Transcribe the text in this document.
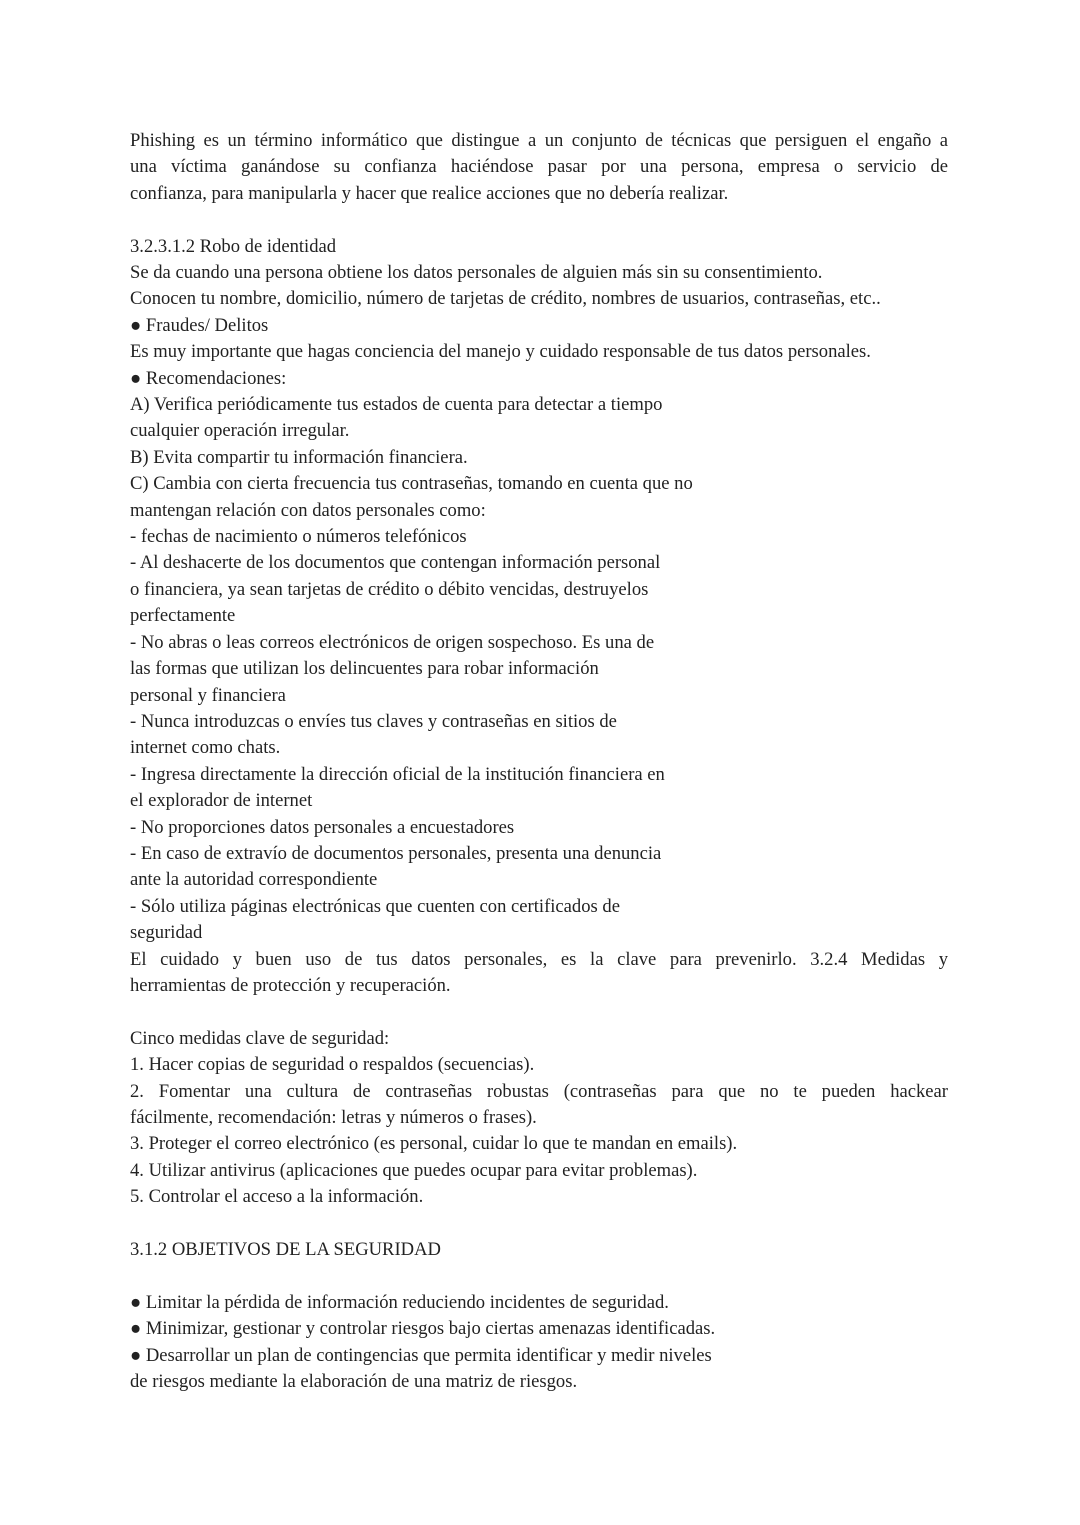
Phishing es un término informático que distingue a un conjunto de técnicas que persiguen el engaño a
una víctima ganándose su confianza haciéndose pasar por una persona, empresa o servicio de
confianza, para manipularla y hacer que realice acciones que no debería realizar.
3.2.3.1.2 Robo de identidad
Se da cuando una persona obtiene los datos personales de alguien más sin su consentimiento.
Conocen tu nombre, domicilio, número de tarjetas de crédito, nombres de usuarios, contraseñas, etc..
● Fraudes/ Delitos
Es muy importante que hagas conciencia del manejo y cuidado responsable de tus datos personales.
● Recomendaciones:
A) Verifica periódicamente tus estados de cuenta para detectar a tiempo
cualquier operación irregular.
B) Evita compartir tu información financiera.
C) Cambia con cierta frecuencia tus contraseñas, tomando en cuenta que no
mantengan relación con datos personales como:
- fechas de nacimiento o números telefónicos
- Al deshacerte de los documentos que contengan información personal
o financiera, ya sean tarjetas de crédito o débito vencidas, destruyelos
perfectamente
- No abras o leas correos electrónicos de origen sospechoso. Es una de
las formas que utilizan los delincuentes para robar información
personal y financiera
- Nunca introduzcas o envíes tus claves y contraseñas en sitios de
internet como chats.
- Ingresa directamente la dirección oficial de la institución financiera en
el explorador de internet
- No proporciones datos personales a encuestadores
- En caso de extravío de documentos personales, presenta una denuncia
ante la autoridad correspondiente
- Sólo utiliza páginas electrónicas que cuenten con certificados de
seguridad
El cuidado y buen uso de tus datos personales, es la clave para prevenirlo. 3.2.4 Medidas y
herramientas de protección y recuperación.
Cinco medidas clave de seguridad:
1. Hacer copias de seguridad o respaldos (secuencias).
2. Fomentar una cultura de contraseñas robustas (contraseñas para que no te pueden hackear
fácilmente, recomendación: letras y números o frases).
3. Proteger el correo electrónico (es personal, cuidar lo que te mandan en emails).
4. Utilizar antivirus (aplicaciones que puedes ocupar para evitar problemas).
5. Controlar el acceso a la información.
3.1.2 OBJETIVOS DE LA SEGURIDAD
● Limitar la pérdida de información reduciendo incidentes de seguridad.
● Minimizar, gestionar y controlar riesgos bajo ciertas amenazas identificadas.
● Desarrollar un plan de contingencias que permita identificar y medir niveles
de riesgos mediante la elaboración de una matriz de riesgos.
